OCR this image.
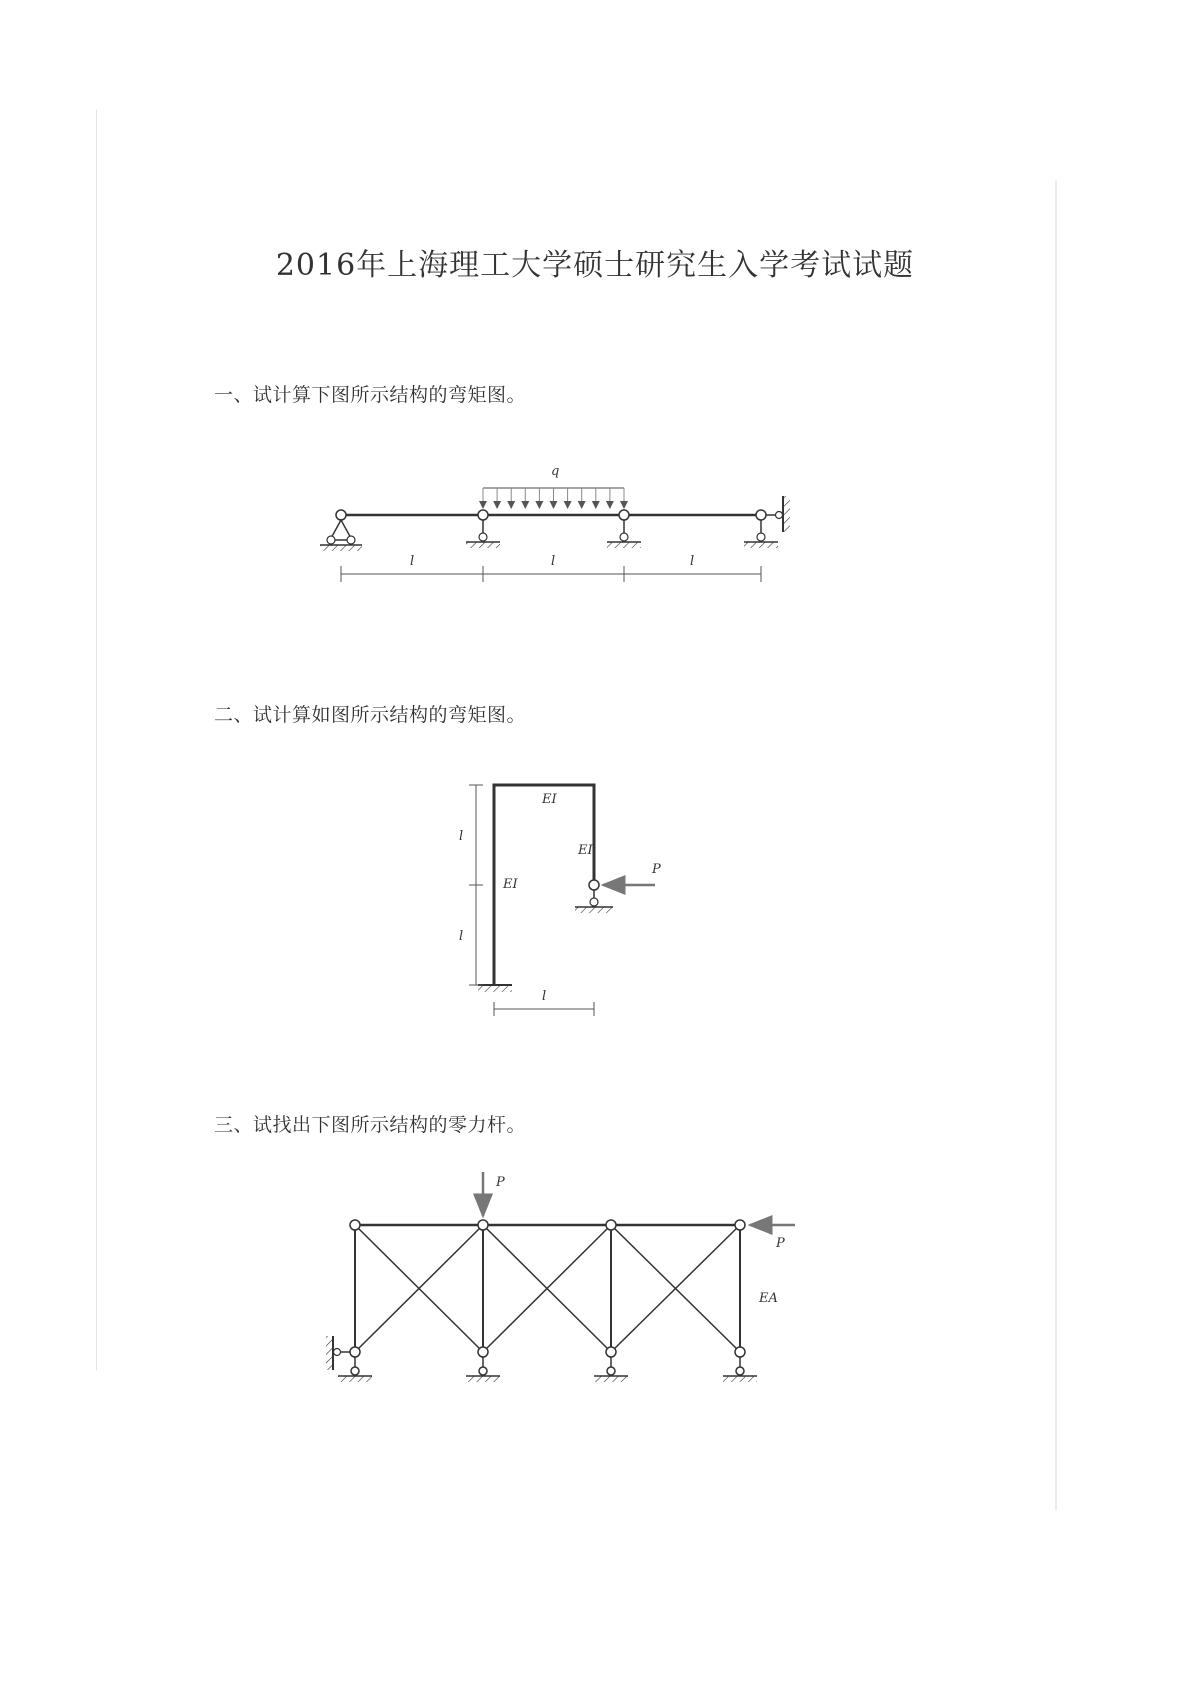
2016年上海理工大学硕士研究生入学考试试题
一、试计算下图所示结构的弯矩图。
二、试计算如图所示结构的弯矩图。
三、试找出下图所示结构的零力杆。
q
l	l	l
P
EI
EI
EI
l
l
l
P
P
EA
